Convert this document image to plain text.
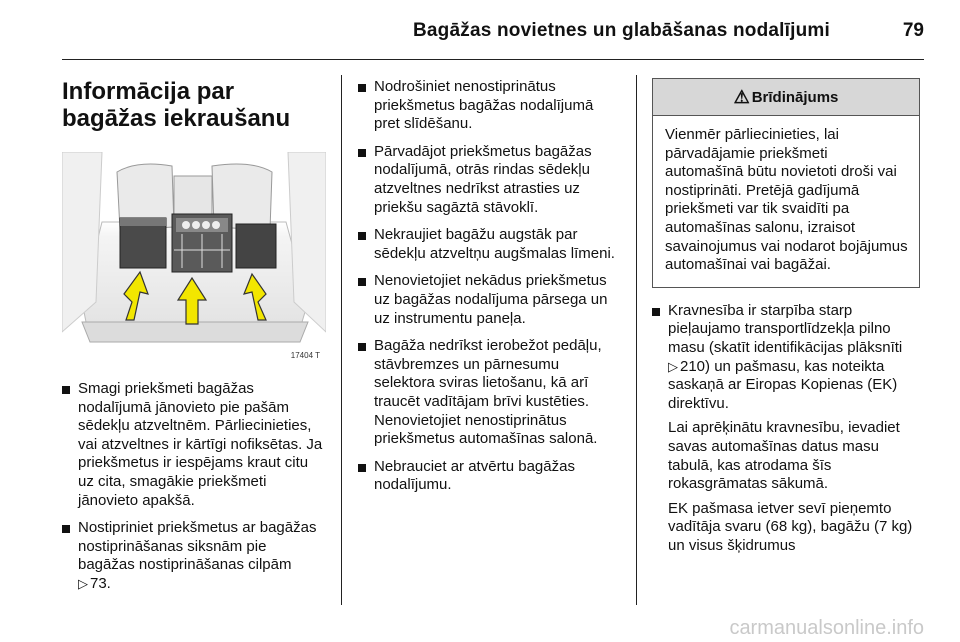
Bagāžas novietnes un glabāšanas nodalījumi	79
Informācija par bagāžas iekraušanu
17404 T
Smagi priekšmeti bagāžas nodalījumā jānovieto pie pašām sēdekļu atzveltnēm. Pārliecinieties, vai atzveltnes ir kārtīgi nofiksētas. Ja priekšmetus ir iespējams kraut citu uz cita, smagākie priekšmeti jānovieto apakšā.
Nostipriniet priekšmetus ar bagāžas nostiprināšanas siksnām pie bagāžas nostiprināšanas cilpām ▷ 73.
Nodrošiniet nenostiprinātus priekšmetus bagāžas nodalījumā pret slīdēšanu.
Pārvadājot priekšmetus bagāžas nodalījumā, otrās rindas sēdekļu atzveltnes nedrīkst atrasties uz priekšu sagāztā stāvoklī.
Nekraujiet bagāžu augstāk par sēdekļu atzveltņu augšmalas līmeni.
Nenovietojiet nekādus priekšmetus uz bagāžas nodalījuma pārsega un uz instrumentu paneļa.
Bagāža nedrīkst ierobežot pedāļu, stāvbremzes un pārnesumu selektora sviras lietošanu, kā arī traucēt vadītājam brīvi kustēties. Nenovietojiet nenostiprinātus priekšmetus automašīnas salonā.
Nebrauciet ar atvērtu bagāžas nodalījumu.
⚠ Brīdinājums
Vienmēr pārliecinieties, lai pārvadājamie priekšmeti automašīnā būtu novietoti droši vai nostiprināti. Pretējā gadījumā priekšmeti var tik svaidīti pa automašīnas salonu, izraisot savainojumus vai nodarot bojājumus automašīnai vai bagāžai.
Kravnesība ir starpība starp pieļaujamo transportlīdzekļa pilno masu (skatīt identifikācijas plāksnīti ▷ 210) un pašmasu, kas noteikta saskaņā ar Eiropas Kopienas (EK) direktīvu.

Lai aprēķinātu kravnesību, ievadiet savas automašīnas datus masu tabulā, kas atrodama šīs rokasgrāmatas sākumā.

EK pašmasa ietver sevī pieņemto vadītāja svaru (68 kg), bagāžu (7 kg) un visus šķidrumus

carmanualsonline.info
